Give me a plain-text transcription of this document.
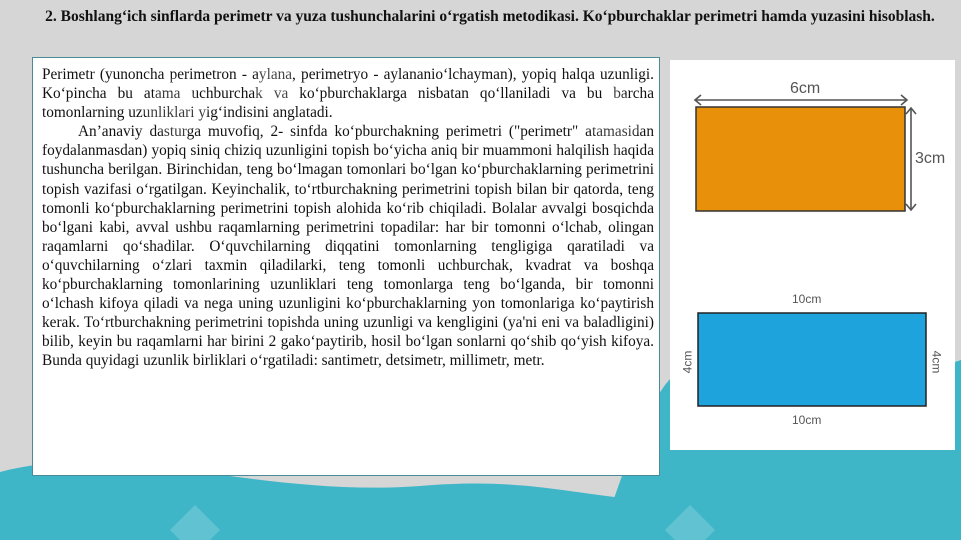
2. Boshlang‘ich sinflarda perimetr va yuza tushunchalarini o‘rgatish metodikasi. Ko‘pburchaklar perimetri hamda yuzasini hisoblash.

Perimetr (yunoncha perimetron - aylana, perimetryo - aylananio‘lchayman), yopiq halqa uzunligi. Ko‘pincha bu atama uchburchak va ko‘pburchaklarga nisbatan qo‘llaniladi va bu barcha tomonlarning uzunliklari yig‘indisini anglatadi.

An’anaviy dasturga muvofiq, 2- sinfda ko‘pburchakning perimetri ("perimetr" atamasidan foydalanmasdan) yopiq siniq chiziq uzunligini topish bo‘yicha aniq bir muammoni halqilish haqida tushuncha berilgan. Birinchidan, teng bo‘lmagan tomonlari bo‘lgan ko‘pburchaklarning perimetrini topish vazifasi o‘rgatilgan. Keyinchalik, to‘rtburchakning perimetrini topish bilan bir qatorda, teng tomonli ko‘pburchaklarning perimetrini topish alohida ko‘rib chiqiladi. Bolalar avvalgi bosqichda bo‘lgani kabi, avval ushbu raqamlarning perimetrini topadilar: har bir tomonni o‘lchab, olingan raqamlarni qo‘shadilar. O‘quvchilarning diqqatini tomonlarning tengligiga qaratiladi va o‘quvchilarning o‘zlari taxmin qiladilarki, teng tomonli uchburchak, kvadrat va boshqa ko‘pburchaklarning tomonlarining uzunliklari teng tomonlarga teng bo‘lganda, bir tomonni o‘lchash kifoya qiladi va nega uning uzunligini ko‘pburchaklarning yon tomonlariga ko‘paytirish kerak. To‘rtburchakning perimetrini topishda uning uzunligi va kengligini (ya'ni eni va baladligini) bilib, keyin bu raqamlarni har birini 2 gako‘paytirib, hosil bo‘lgan sonlarni qo‘shib qo‘yish kifoya. Bunda quyidagi uzunlik birliklari o‘rgatiladi: santimetr, detsimetr, millimetr, metr.

6cm
3cm
10cm
10cm
4cm	4cm
